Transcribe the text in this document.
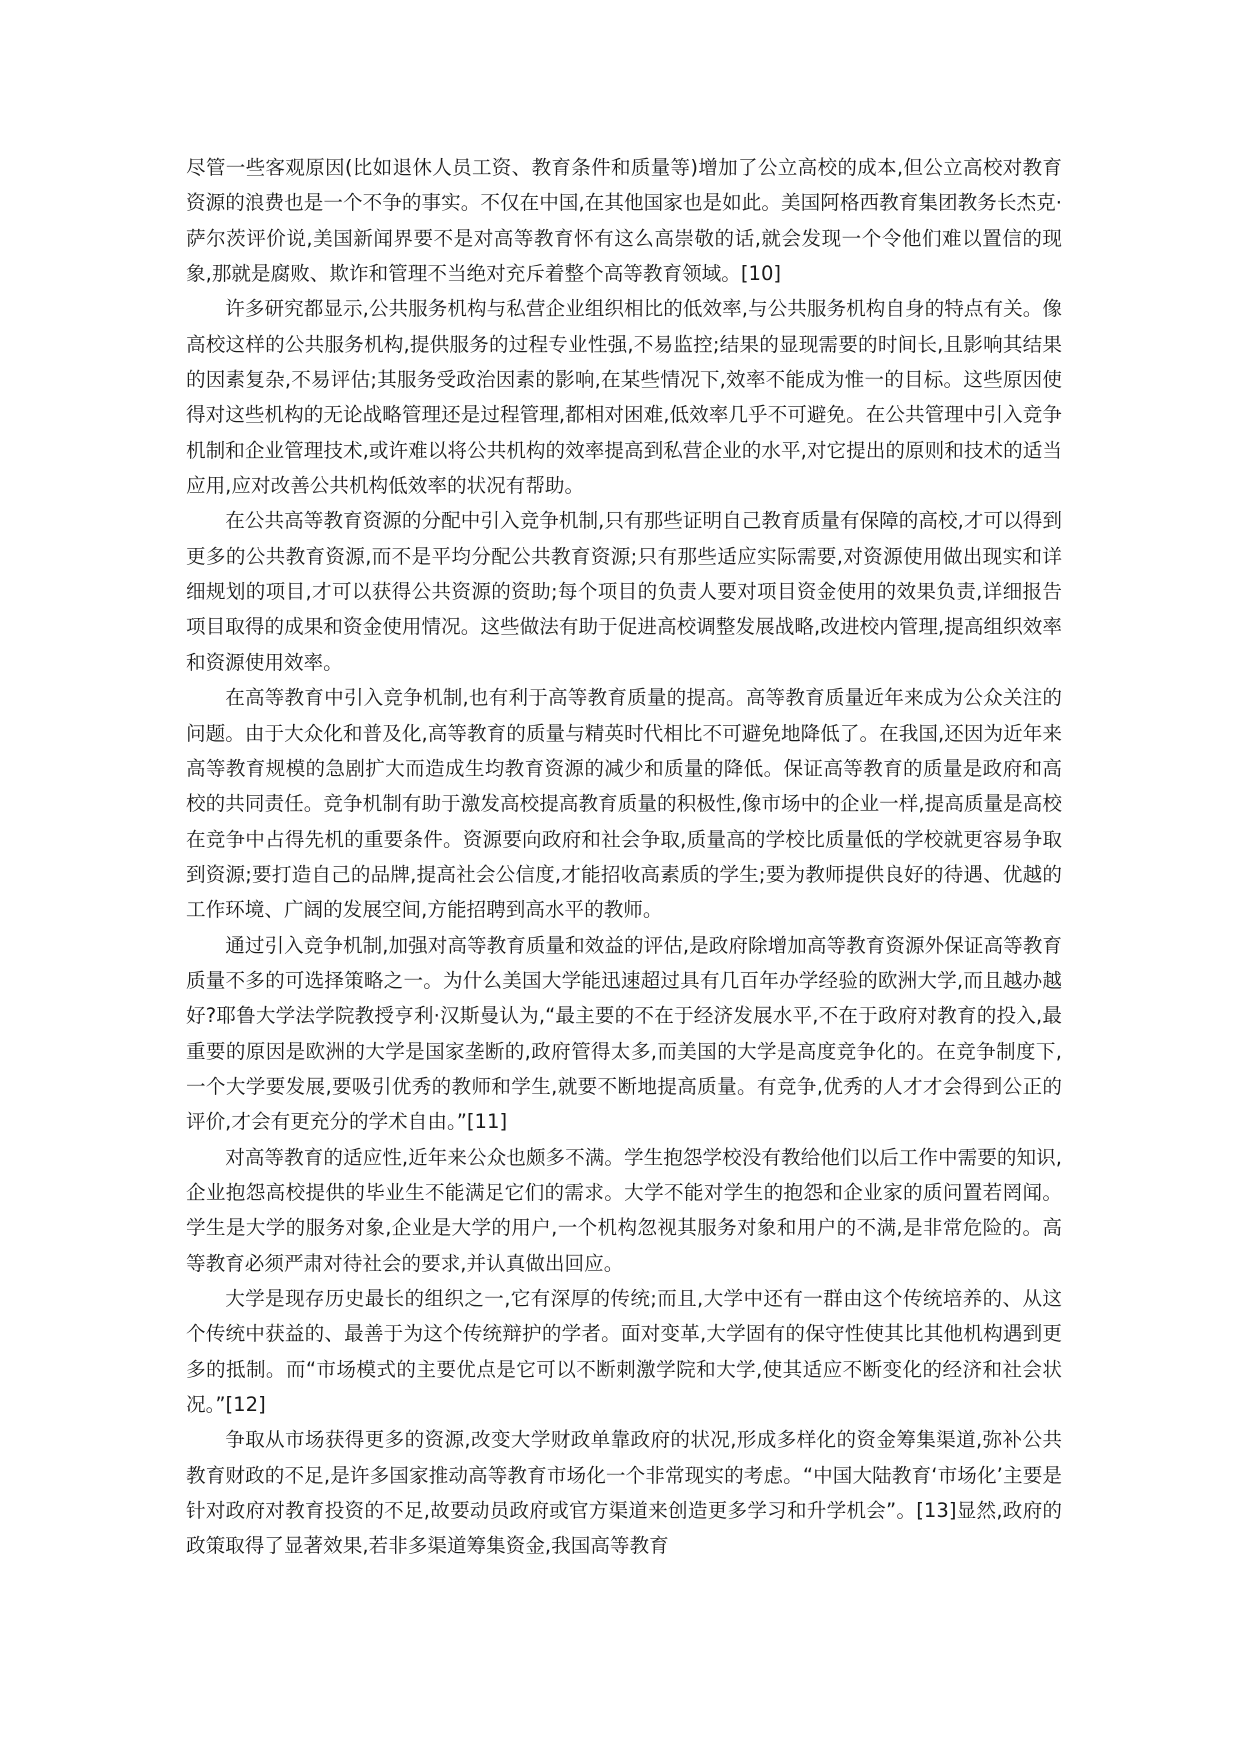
尽管一些客观原因(比如退休人员工资、教育条件和质量等)增加了公立高校的成本,但公立高校对教育资源的浪费也是一个不争的事实。不仅在中国,在其他国家也是如此。美国阿格西教育集团教务长杰克·萨尔茨评价说,美国新闻界要不是对高等教育怀有这么高崇敬的话,就会发现一个令他们难以置信的现象,那就是腐败、欺诈和管理不当绝对充斥着整个高等教育领域。[10]

许多研究都显示,公共服务机构与私营企业组织相比的低效率,与公共服务机构自身的特点有关。像高校这样的公共服务机构,提供服务的过程专业性强,不易监控;结果的显现需要的时间长,且影响其结果的因素复杂,不易评估;其服务受政治因素的影响,在某些情况下,效率不能成为惟一的目标。这些原因使得对这些机构的无论战略管理还是过程管理,都相对困难,低效率几乎不可避免。在公共管理中引入竞争机制和企业管理技术,或许难以将公共机构的效率提高到私营企业的水平,对它提出的原则和技术的适当应用,应对改善公共机构低效率的状况有帮助。

在公共高等教育资源的分配中引入竞争机制,只有那些证明自己教育质量有保障的高校,才可以得到更多的公共教育资源,而不是平均分配公共教育资源;只有那些适应实际需要,对资源使用做出现实和详细规划的项目,才可以获得公共资源的资助;每个项目的负责人要对项目资金使用的效果负责,详细报告项目取得的成果和资金使用情况。这些做法有助于促进高校调整发展战略,改进校内管理,提高组织效率和资源使用效率。

在高等教育中引入竞争机制,也有利于高等教育质量的提高。高等教育质量近年来成为公众关注的问题。由于大众化和普及化,高等教育的质量与精英时代相比不可避免地降低了。在我国,还因为近年来高等教育规模的急剧扩大而造成生均教育资源的减少和质量的降低。保证高等教育的质量是政府和高校的共同责任。竞争机制有助于激发高校提高教育质量的积极性,像市场中的企业一样,提高质量是高校在竞争中占得先机的重要条件。资源要向政府和社会争取,质量高的学校比质量低的学校就更容易争取到资源;要打造自己的品牌,提高社会公信度,才能招收高素质的学生;要为教师提供良好的待遇、优越的工作环境、广阔的发展空间,方能招聘到高水平的教师。

通过引入竞争机制,加强对高等教育质量和效益的评估,是政府除增加高等教育资源外保证高等教育质量不多的可选择策略之一。为什么美国大学能迅速超过具有几百年办学经验的欧洲大学,而且越办越好?耶鲁大学法学院教授亨利·汉斯曼认为,“最主要的不在于经济发展水平,不在于政府对教育的投入,最重要的原因是欧洲的大学是国家垄断的,政府管得太多,而美国的大学是高度竞争化的。在竞争制度下,一个大学要发展,要吸引优秀的教师和学生,就要不断地提高质量。有竞争,优秀的人才才会得到公正的评价,才会有更充分的学术自由。”[11]

对高等教育的适应性,近年来公众也颇多不满。学生抱怨学校没有教给他们以后工作中需要的知识,企业抱怨高校提供的毕业生不能满足它们的需求。大学不能对学生的抱怨和企业家的质问置若罔闻。学生是大学的服务对象,企业是大学的用户,一个机构忽视其服务对象和用户的不满,是非常危险的。高等教育必须严肃对待社会的要求,并认真做出回应。

大学是现存历史最长的组织之一,它有深厚的传统;而且,大学中还有一群由这个传统培养的、从这个传统中获益的、最善于为这个传统辩护的学者。面对变革,大学固有的保守性使其比其他机构遇到更多的抵制。而“市场模式的主要优点是它可以不断刺激学院和大学,使其适应不断变化的经济和社会状况。”[12]

争取从市场获得更多的资源,改变大学财政单靠政府的状况,形成多样化的资金筹集渠道,弥补公共教育财政的不足,是许多国家推动高等教育市场化一个非常现实的考虑。“中国大陆教育‘市场化’主要是针对政府对教育投资的不足,故要动员政府或官方渠道来创造更多学习和升学机会”。[13]显然,政府的政策取得了显著效果,若非多渠道筹集资金,我国高等教育
